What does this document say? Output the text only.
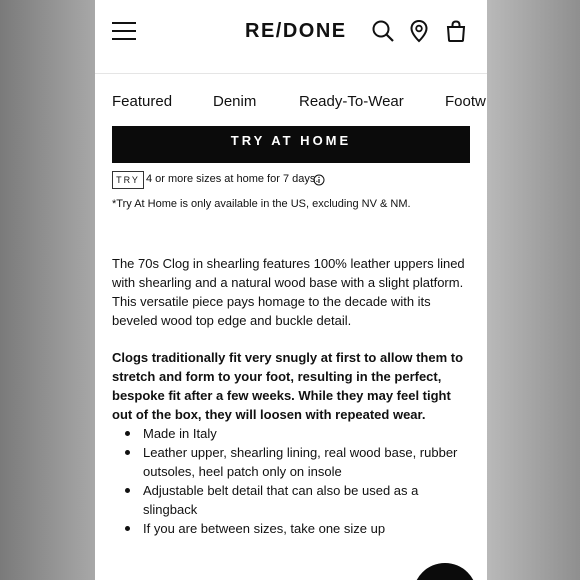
RE/DONE
Featured	Denim	Ready-To-Wear	Footw
TRY AT HOME
TRY 4 or more sizes at home for 7 days.
*Try At Home is only available in the US, excluding NV & NM.

The 70s Clog in shearling features 100% leather uppers lined with shearling and a natural wood base with a slight platform. This versatile piece pays homage to the decade with its beveled wood top edge and buckle detail.

Clogs traditionally fit very snugly at first to allow them to stretch and form to your foot, resulting in the perfect, bespoke fit after a few weeks. While they may feel tight out of the box, they will loosen with repeated wear.

Made in Italy
Leather upper, shearling lining, real wood base, rubber outsoles, heel patch only on insole
Adjustable belt detail that can also be used as a slingback
If you are between sizes, take one size up
